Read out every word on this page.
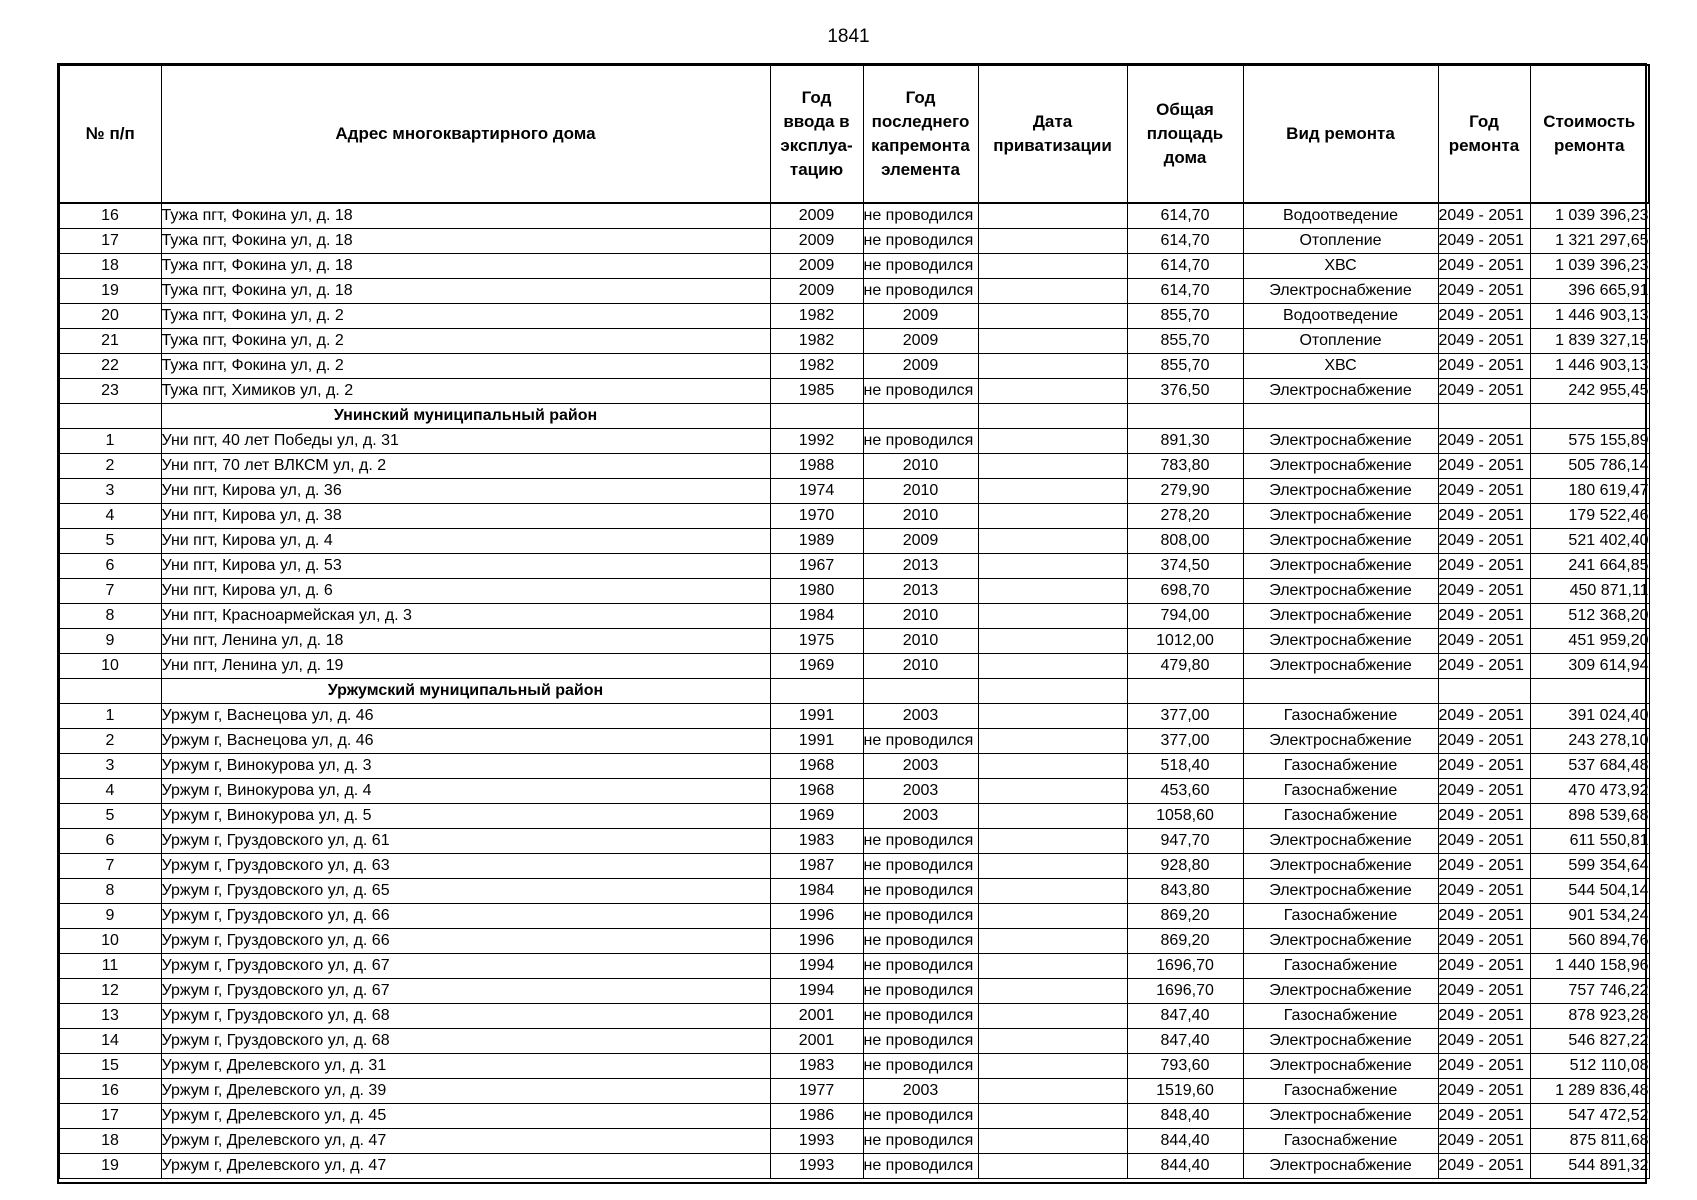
1841
№ п/п	Адрес многоквартирного дома	Год ввода в эксплуа-тацию	Год последнего капремонта элемента	Дата приватизации	Общая площадь дома	Вид ремонта	Год ремонта	Стоимость ремонта
16	Тужа пгт, Фокина ул, д. 18	2009	не проводился		614,70	Водоотведение	2049 - 2051	1 039 396,23
17	Тужа пгт, Фокина ул, д. 18	2009	не проводился		614,70	Отопление	2049 - 2051	1 321 297,65
18	Тужа пгт, Фокина ул, д. 18	2009	не проводился		614,70	ХВС	2049 - 2051	1 039 396,23
19	Тужа пгт, Фокина ул, д. 18	2009	не проводился		614,70	Электроснабжение	2049 - 2051	396 665,91
20	Тужа пгт, Фокина ул, д. 2	1982	2009		855,70	Водоотведение	2049 - 2051	1 446 903,13
21	Тужа пгт, Фокина ул, д. 2	1982	2009		855,70	Отопление	2049 - 2051	1 839 327,15
22	Тужа пгт, Фокина ул, д. 2	1982	2009		855,70	ХВС	2049 - 2051	1 446 903,13
23	Тужа пгт, Химиков ул, д. 2	1985	не проводился		376,50	Электроснабжение	2049 - 2051	242 955,45
	Унинский муниципальный район							
1	Уни пгт, 40 лет Победы ул, д. 31	1992	не проводился		891,30	Электроснабжение	2049 - 2051	575 155,89
2	Уни пгт, 70 лет ВЛКСМ ул, д. 2	1988	2010		783,80	Электроснабжение	2049 - 2051	505 786,14
3	Уни пгт, Кирова ул, д. 36	1974	2010		279,90	Электроснабжение	2049 - 2051	180 619,47
4	Уни пгт, Кирова ул, д. 38	1970	2010		278,20	Электроснабжение	2049 - 2051	179 522,46
5	Уни пгт, Кирова ул, д. 4	1989	2009		808,00	Электроснабжение	2049 - 2051	521 402,40
6	Уни пгт, Кирова ул, д. 53	1967	2013		374,50	Электроснабжение	2049 - 2051	241 664,85
7	Уни пгт, Кирова ул, д. 6	1980	2013		698,70	Электроснабжение	2049 - 2051	450 871,11
8	Уни пгт, Красноармейская ул, д. 3	1984	2010		794,00	Электроснабжение	2049 - 2051	512 368,20
9	Уни пгт, Ленина ул, д. 18	1975	2010		1012,00	Электроснабжение	2049 - 2051	451 959,20
10	Уни пгт, Ленина ул, д. 19	1969	2010		479,80	Электроснабжение	2049 - 2051	309 614,94
	Уржумский муниципальный район							
1	Уржум г, Васнецова ул, д. 46	1991	2003		377,00	Газоснабжение	2049 - 2051	391 024,40
2	Уржум г, Васнецова ул, д. 46	1991	не проводился		377,00	Электроснабжение	2049 - 2051	243 278,10
3	Уржум г, Винокурова ул, д. 3	1968	2003		518,40	Газоснабжение	2049 - 2051	537 684,48
4	Уржум г, Винокурова ул, д. 4	1968	2003		453,60	Газоснабжение	2049 - 2051	470 473,92
5	Уржум г, Винокурова ул, д. 5	1969	2003		1058,60	Газоснабжение	2049 - 2051	898 539,68
6	Уржум г, Груздовского ул, д. 61	1983	не проводился		947,70	Электроснабжение	2049 - 2051	611 550,81
7	Уржум г, Груздовского ул, д. 63	1987	не проводился		928,80	Электроснабжение	2049 - 2051	599 354,64
8	Уржум г, Груздовского ул, д. 65	1984	не проводился		843,80	Электроснабжение	2049 - 2051	544 504,14
9	Уржум г, Груздовского ул, д. 66	1996	не проводился		869,20	Газоснабжение	2049 - 2051	901 534,24
10	Уржум г, Груздовского ул, д. 66	1996	не проводился		869,20	Электроснабжение	2049 - 2051	560 894,76
11	Уржум г, Груздовского ул, д. 67	1994	не проводился		1696,70	Газоснабжение	2049 - 2051	1 440 158,96
12	Уржум г, Груздовского ул, д. 67	1994	не проводился		1696,70	Электроснабжение	2049 - 2051	757 746,22
13	Уржум г, Груздовского ул, д. 68	2001	не проводился		847,40	Газоснабжение	2049 - 2051	878 923,28
14	Уржум г, Груздовского ул, д. 68	2001	не проводился		847,40	Электроснабжение	2049 - 2051	546 827,22
15	Уржум г, Дрелевского ул, д. 31	1983	не проводился		793,60	Электроснабжение	2049 - 2051	512 110,08
16	Уржум г, Дрелевского ул, д. 39	1977	2003		1519,60	Газоснабжение	2049 - 2051	1 289 836,48
17	Уржум г, Дрелевского ул, д. 45	1986	не проводился		848,40	Электроснабжение	2049 - 2051	547 472,52
18	Уржум г, Дрелевского ул, д. 47	1993	не проводился		844,40	Газоснабжение	2049 - 2051	875 811,68
19	Уржум г, Дрелевского ул, д. 47	1993	не проводился		844,40	Электроснабжение	2049 - 2051	544 891,32
